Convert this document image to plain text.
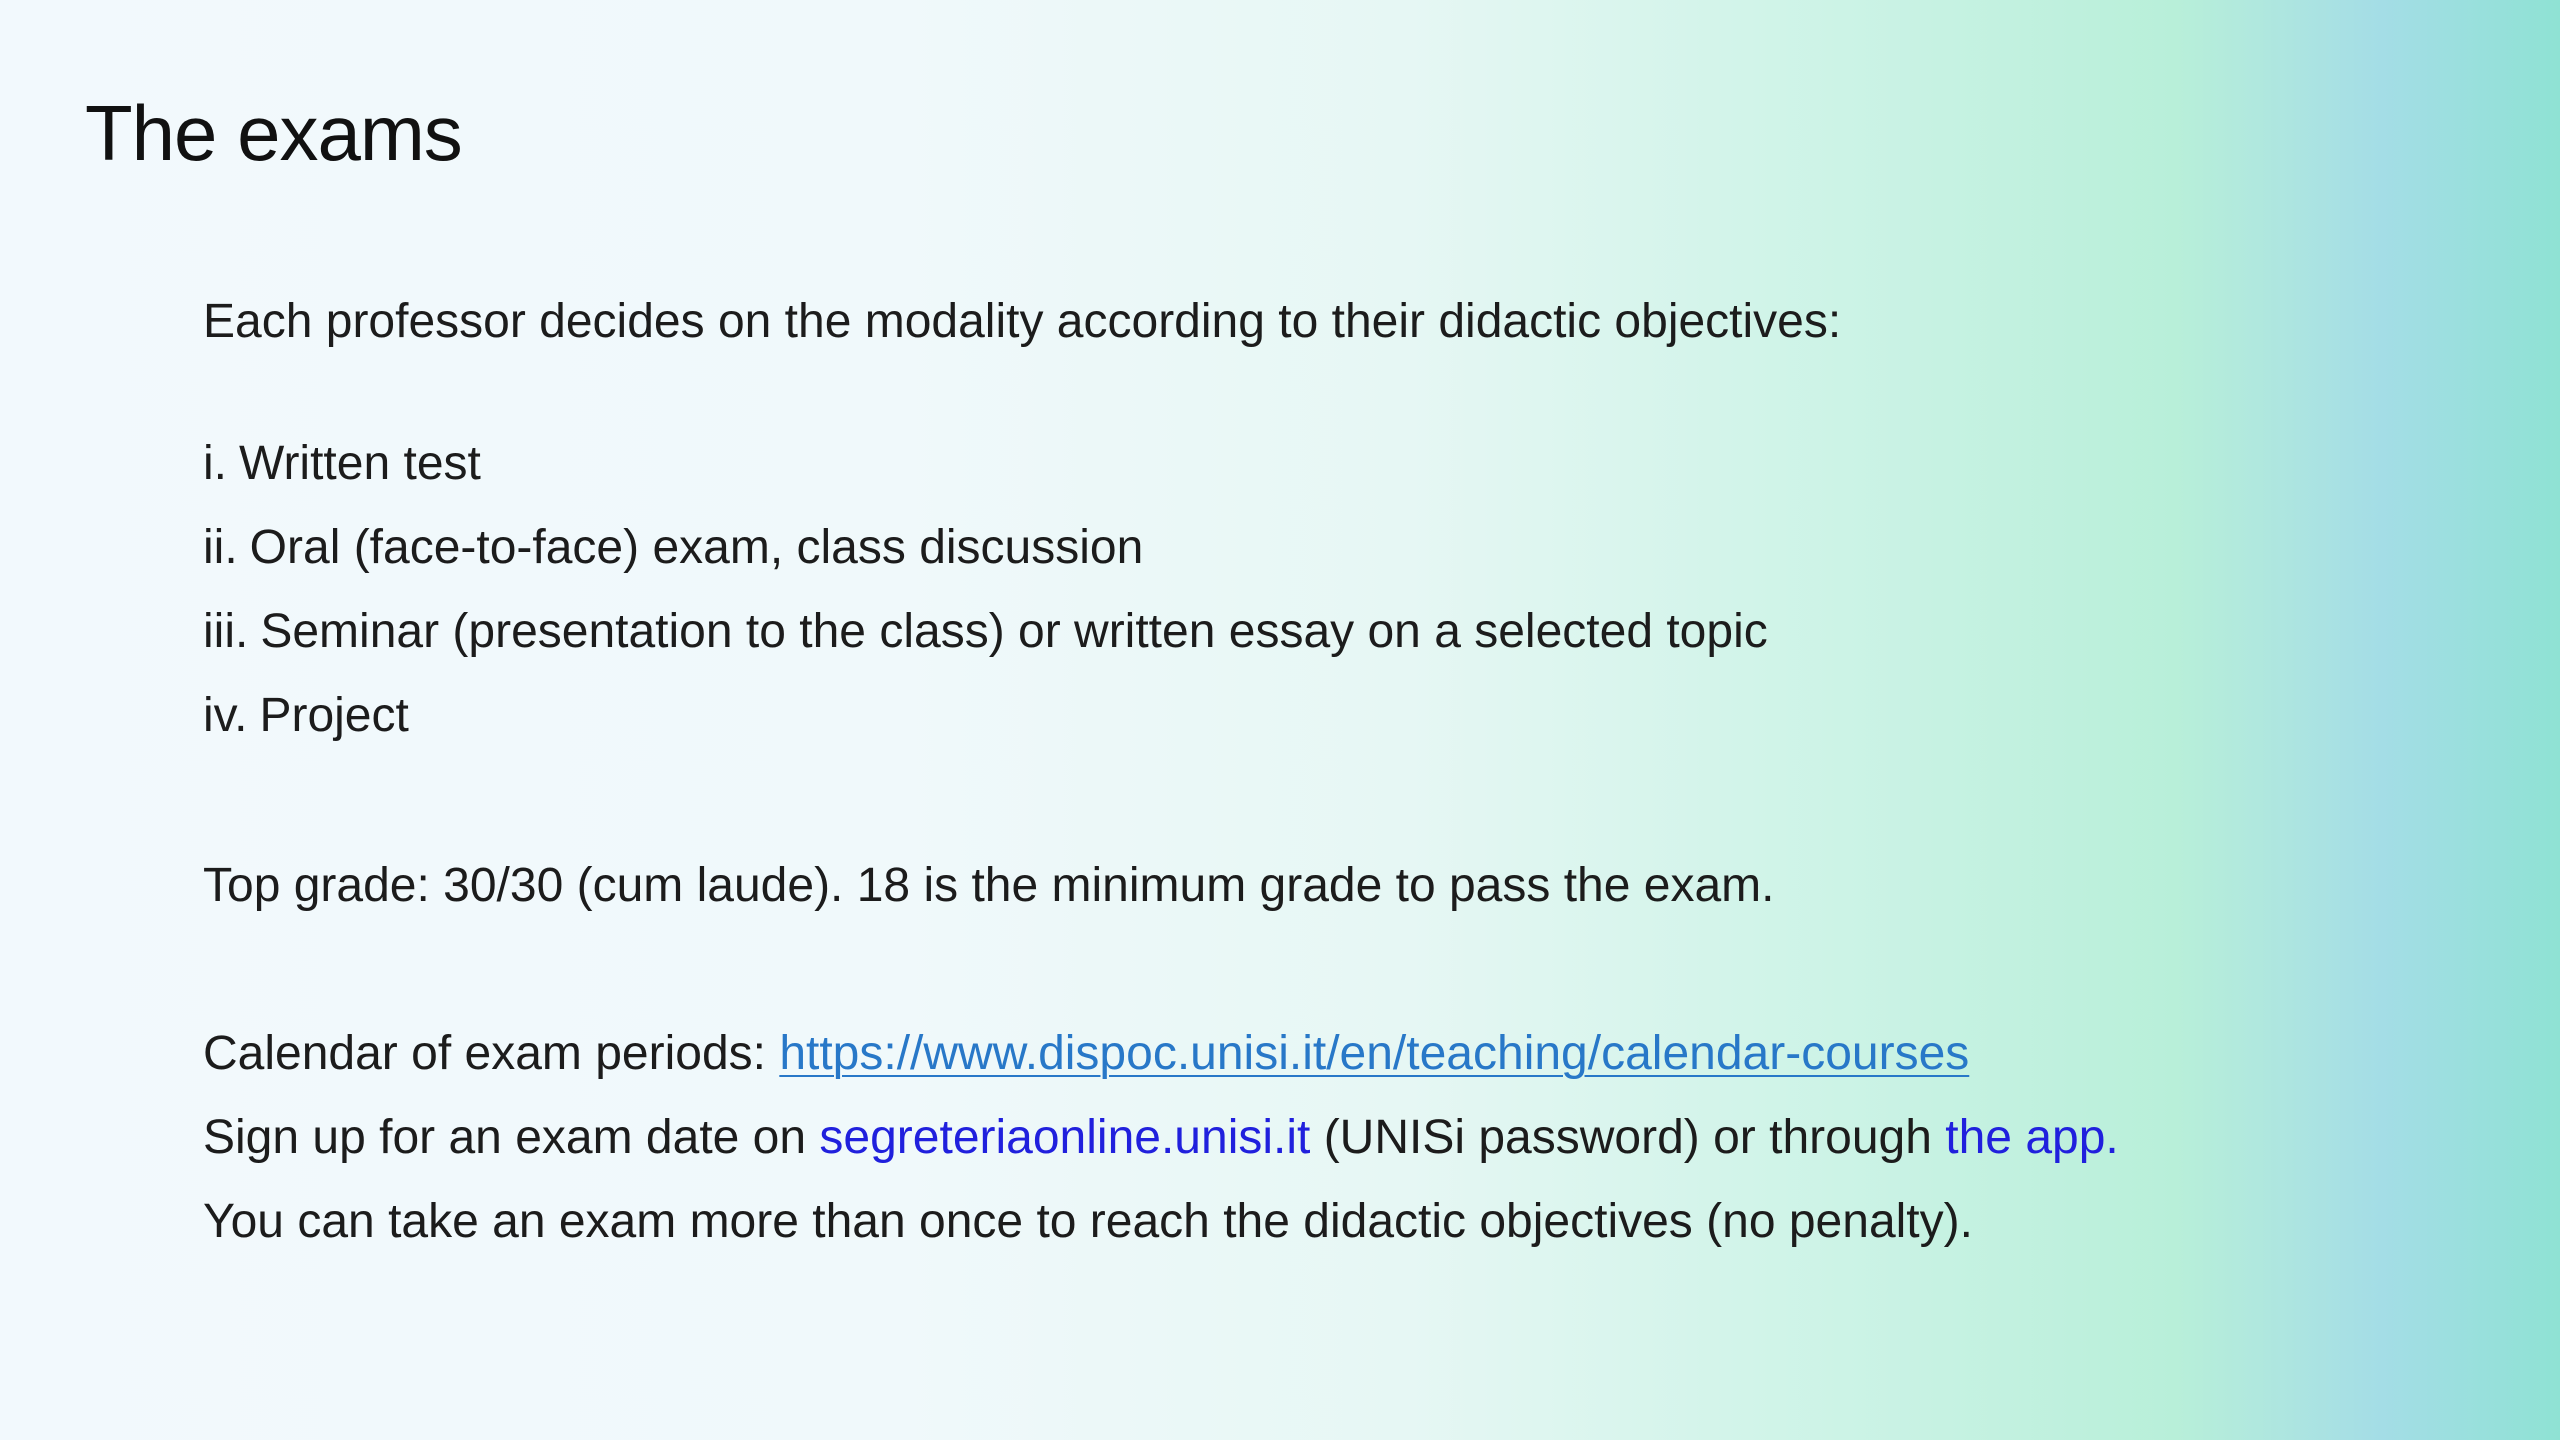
The exams

Each professor decides on the modality according to their didactic objectives:

i. Written test

ii. Oral (face-to-face) exam, class discussion

iii. Seminar (presentation to the class) or written essay on a selected topic

iv. Project

Top grade: 30/30 (cum laude). 18 is the minimum grade to pass the exam.

Calendar of exam periods: https://www.dispoc.unisi.it/en/teaching/calendar-courses

Sign up for an exam date on segreteriaonline.unisi.it (UNISi password) or through the app.

You can take an exam more than once to reach the didactic objectives (no penalty).
